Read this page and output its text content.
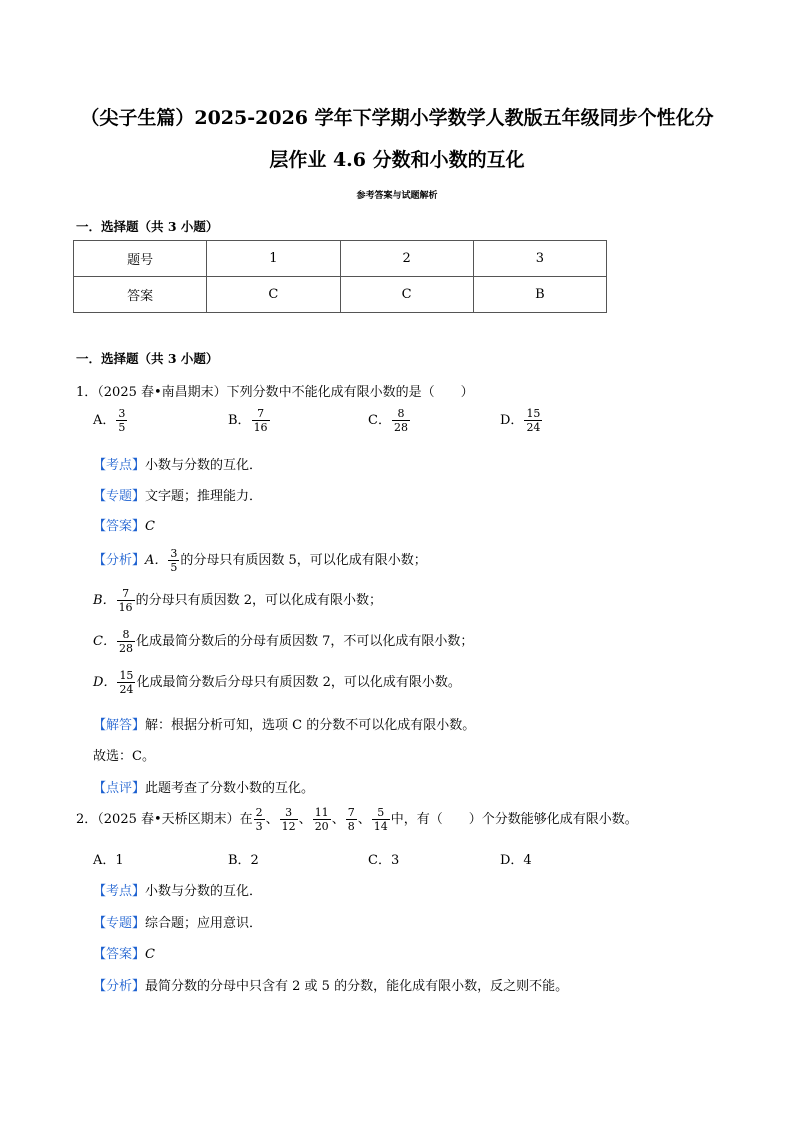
（尖子生篇）2025-2026 学年下学期小学数学人教版五年级同步个性化分
层作业 4.6 分数和小数的互化
参考答案与试题解析
一．选择题（共 3 小题）
题号	1	2	3
答案	C	C	B
一．选择题（共 3 小题）
1．（2025 春•南昌期末）下列分数中不能化成有限小数的是（　　）
A． $\frac{3}{5}$	B． $\frac{7}{16}$	C． $\frac{8}{28}$	D． $\frac{15}{24}$
【考点】小数与分数的互化．
【专题】文字题；推理能力．
【答案】C
【分析】A． $\frac{3}{5}$ 的分母只有质因数 5，可以化成有限小数；
B． $\frac{7}{16}$ 的分母只有质因数 2，可以化成有限小数；
C． $\frac{8}{28}$ 化成最简分数后的分母有质因数 7，不可以化成有限小数；
D． $\frac{15}{24}$ 化成最简分数后分母只有质因数 2，可以化成有限小数。
【解答】解：根据分析可知，选项 C 的分数不可以化成有限小数。
故选：C。
【点评】此题考查了分数小数的互化。
2．（2025 春•天桥区期末）在 $\frac{2}{3}$ 、 $\frac{3}{12}$ 、 $\frac{11}{20}$ 、 $\frac{7}{8}$ 、 $\frac{5}{14}$ 中，有（　　）个分数能够化成有限小数。
A．1	B．2	C．3	D．4
【考点】小数与分数的互化．
【专题】综合题；应用意识．
【答案】C
【分析】最简分数的分母中只含有 2 或 5 的分数，能化成有限小数，反之则不能。
